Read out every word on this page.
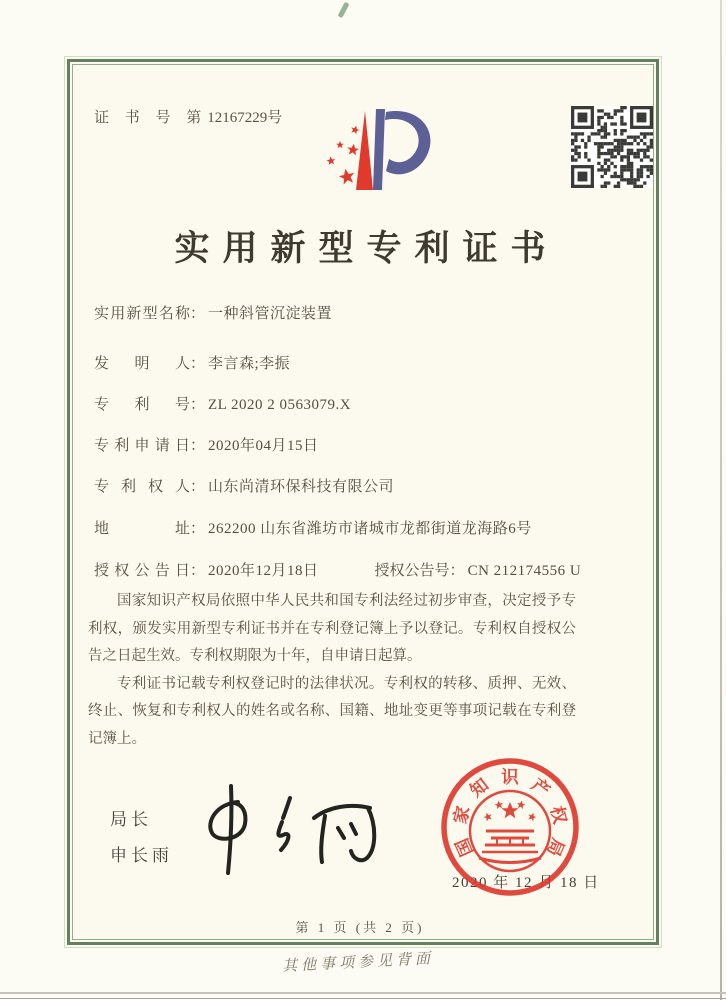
证 书 号 第12167229号
实用新型专利证书
实用新型名称： 一种斜管沉淀装置
发明人： 李言森;李振
专利号： ZL 2020 2 0563079.X
专利申请日： 2020年04月15日
专利权人： 山东尚清环保科技有限公司
地址： 262200 山东省潍坊市诸城市龙都街道龙海路6号
授权公告日： 2020年12月18日	授权公告号： CN 212174556 U

国家知识产权局依照中华人民共和国专利法经过初步审查，决定授予专利权，颁发实用新型专利证书并在专利登记簿上予以登记。专利权自授权公告之日起生效。专利权期限为十年，自申请日起算。

专利证书记载专利权登记时的法律状况。专利权的转移、质押、无效、终止、恢复和专利权人的姓名或名称、国籍、地址变更等事项记载在专利登记簿上。

局长
申长雨
2020 年 12 月 18 日
国
家
知 识 产
权
局
第 1 页 (共 2 页)
其他事项参见背面
